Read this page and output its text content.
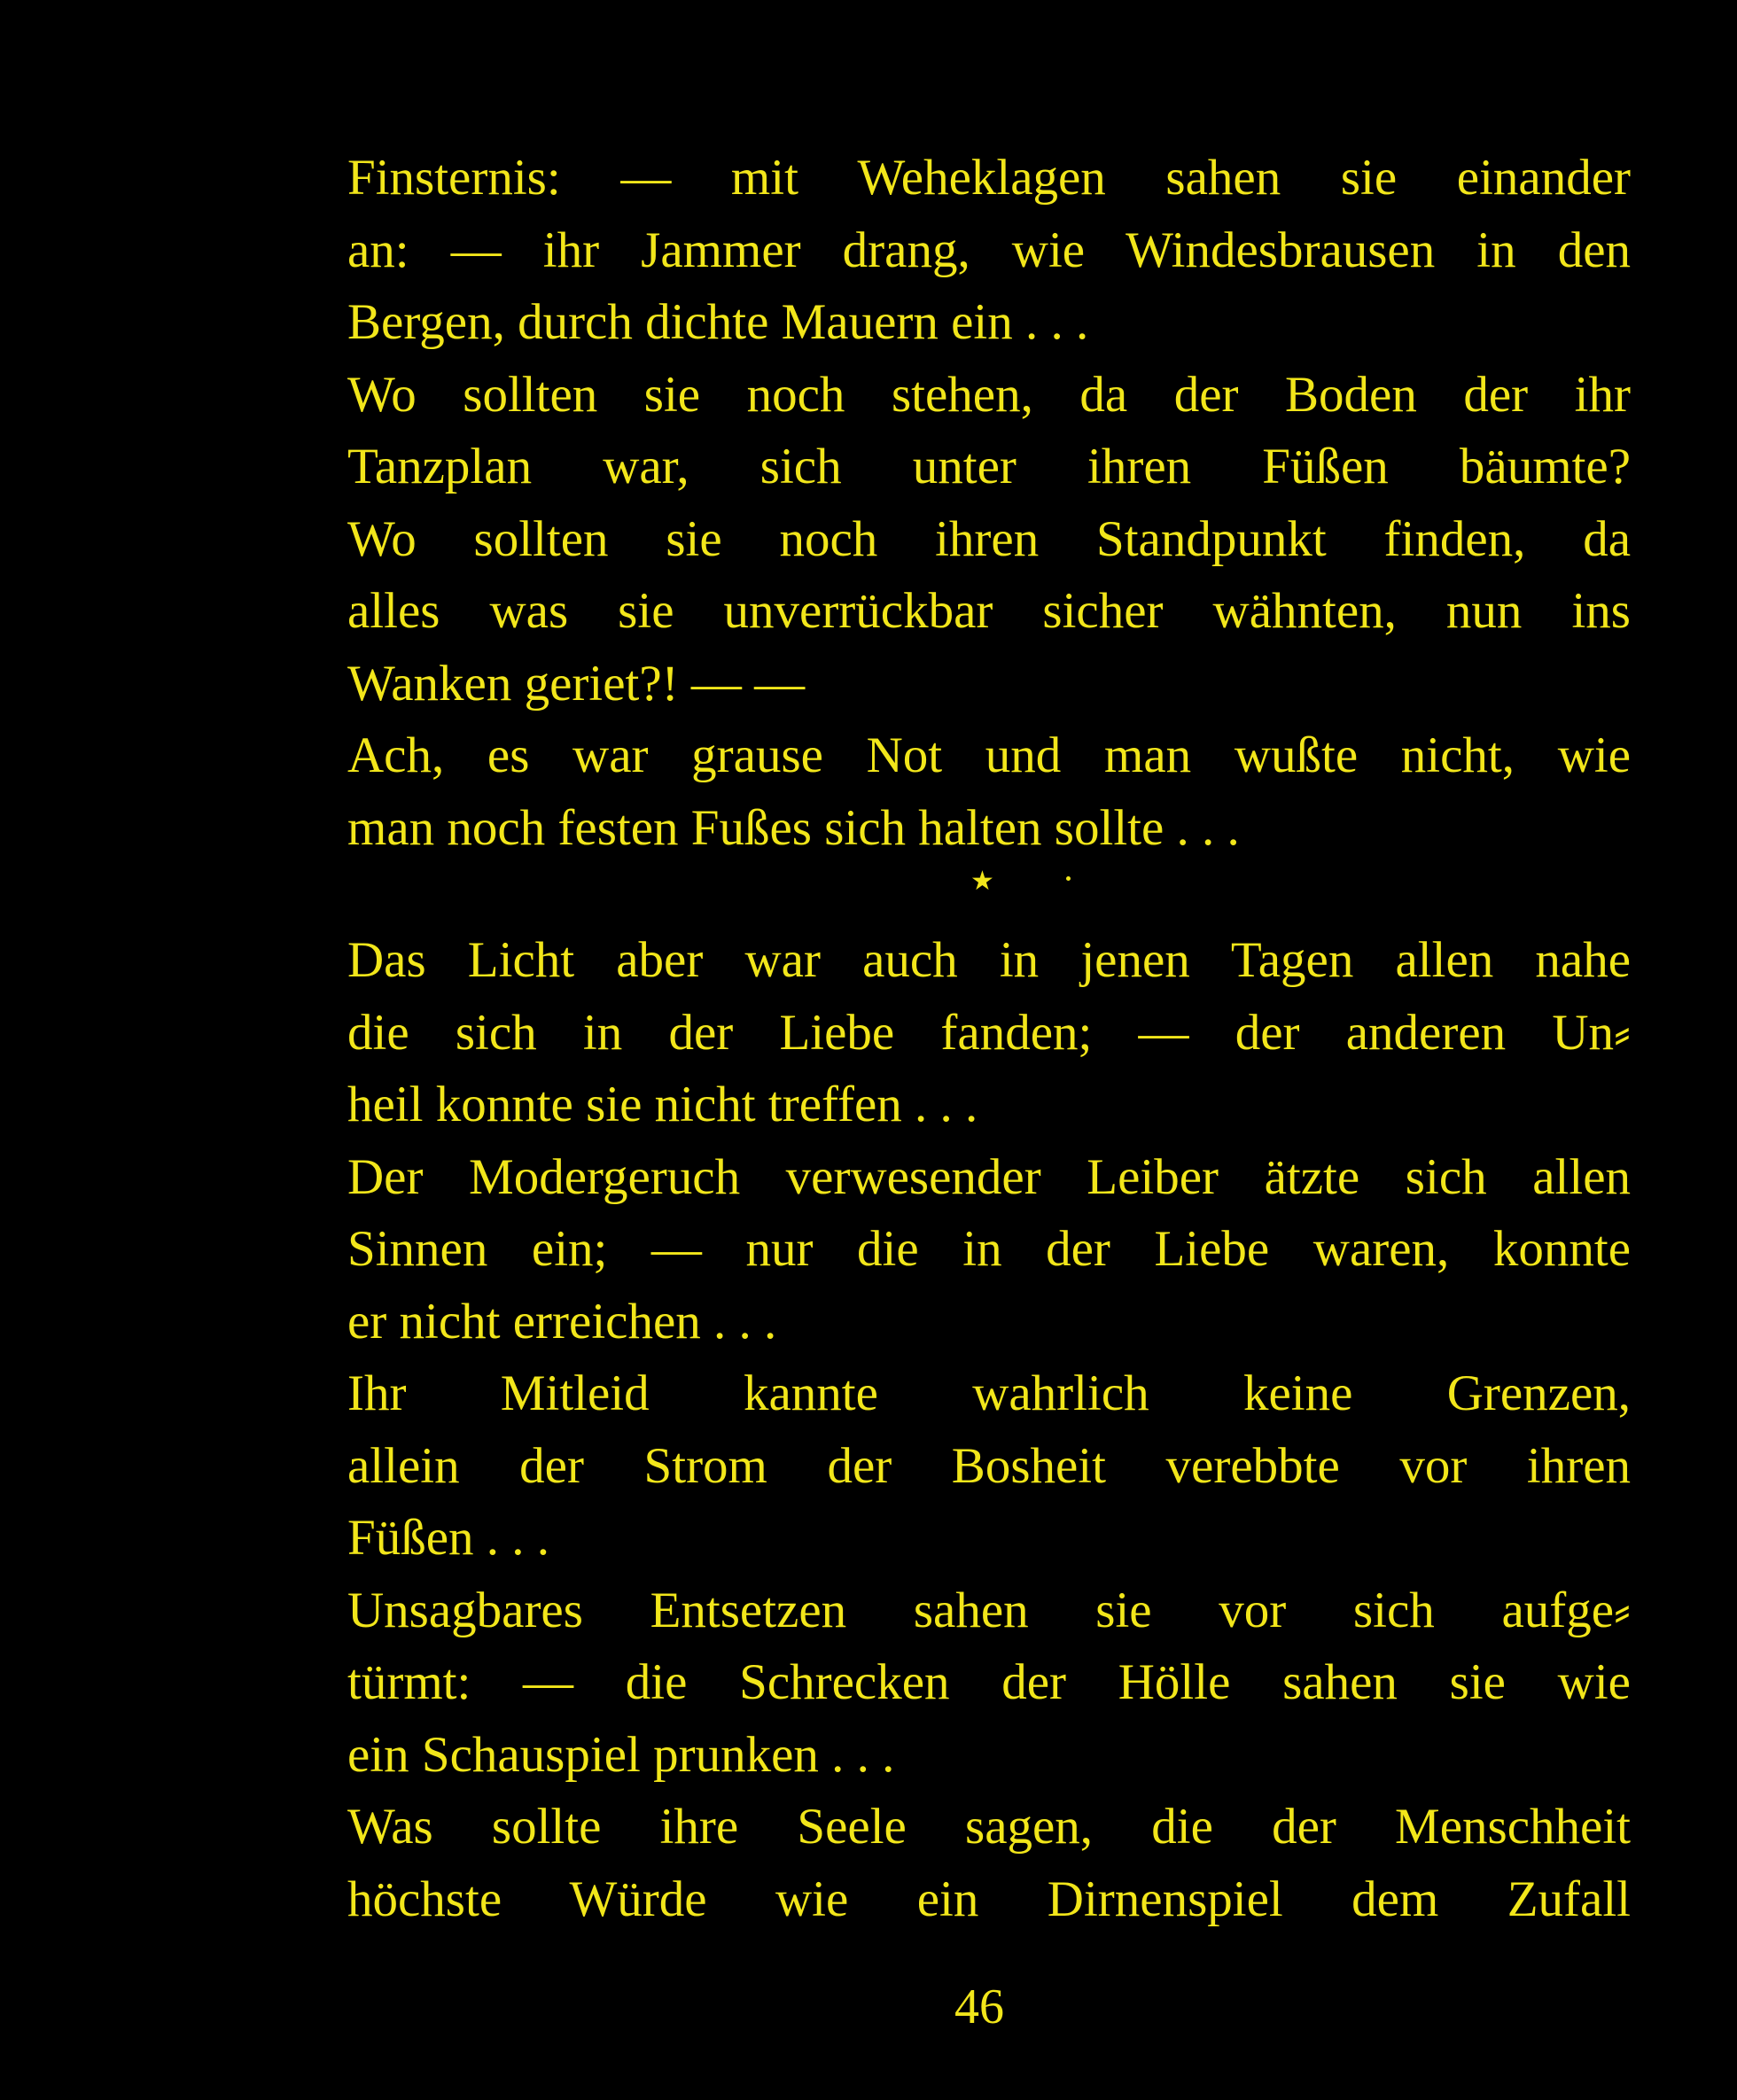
Finsternis: — mit Weheklagen sahen sie einander
an: — ihr Jammer drang, wie Windesbrausen in den
Bergen, durch dichte Mauern ein . . .
Wo sollten sie noch stehen, da der Boden der ihr
Tanzplan war, sich unter ihren Füßen bäumte?
Wo sollten sie noch ihren Standpunkt finden, da
alles was sie unverrückbar sicher wähnten, nun ins
Wanken geriet?! — —
Ach, es war grause Not und man wußte nicht, wie
man noch festen Fußes sich halten sollte . . .
★
Das Licht aber war auch in jenen Tagen allen nahe
die sich in der Liebe fanden; — der anderen Un⸗
heil konnte sie nicht treffen . . .
Der Modergeruch verwesender Leiber ätzte sich allen
Sinnen ein; — nur die in der Liebe waren, konnte
er nicht erreichen . . .
Ihr Mitleid kannte wahrlich keine Grenzen,
allein der Strom der Bosheit verebbte vor ihren
Füßen . . .
Unsagbares Entsetzen sahen sie vor sich aufge⸗
türmt: — die Schrecken der Hölle sahen sie wie
ein Schauspiel prunken . . .
Was sollte ihre Seele sagen, die der Menschheit
höchste Würde wie ein Dirnenspiel dem Zufall
46
